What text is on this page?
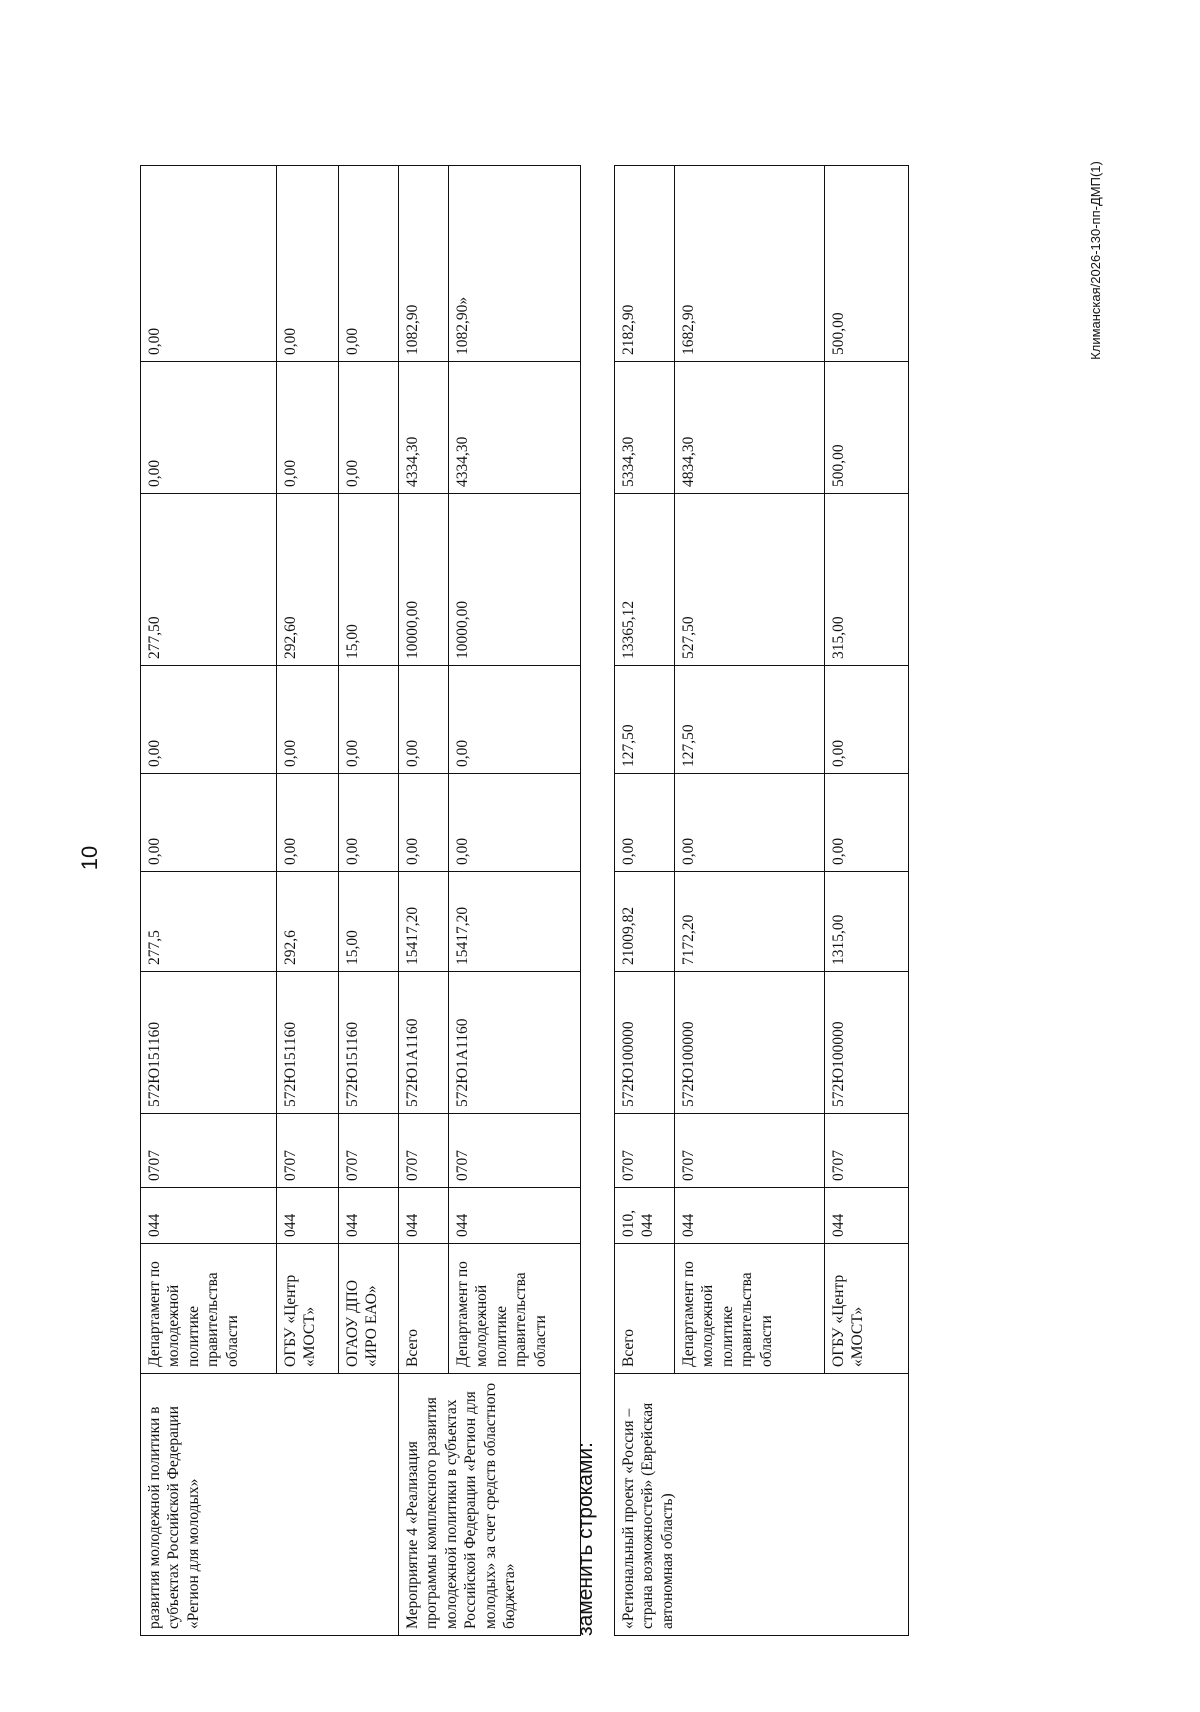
10
Климанская/2026-130-пп-ДМП(1)
развития молодежной политики в субъектах Российской Федерации «Регион для молодых»	Департамент по молодежной политике правительства области	044	0707	572Ю151160	277,5	0,00	0,00	277,50	0,00	0,00
	ОГБУ «Центр «МОСТ»	044	0707	572Ю151160	292,6	0,00	0,00	292,60	0,00	0,00
	ОГАОУ ДПО «ИРО ЕАО»	044	0707	572Ю151160	15,00	0,00	0,00	15,00	0,00	0,00
Мероприятие 4 «Реализация программы комплексного развития молодежной политики в субъектах Российской Федерации «Регион для молодых» за счет средств областного бюджета»	Всего	044	0707	572Ю1А1160	15417,20	0,00	0,00	10000,00	4334,30	1082,90
	Департамент по молодежной политике правительства области	044	0707	572Ю1А1160	15417,20	0,00	0,00	10000,00	4334,30	1082,90»
заменить строками:	«Региональный проект «Россия – страна возможностей» (Еврейская автономная область)	Всего	010, 044	0707	572Ю100000	21009,82	0,00	127,50	13365,12	5334,30	2182,90
	Департамент по молодежной политике правительства области	044	0707	572Ю100000	7172,20	0,00	127,50	527,50	4834,30	1682,90
	ОГБУ «Центр «МОСТ»	044	0707	572Ю100000	1315,00	0,00	0,00	315,00	500,00	500,00
